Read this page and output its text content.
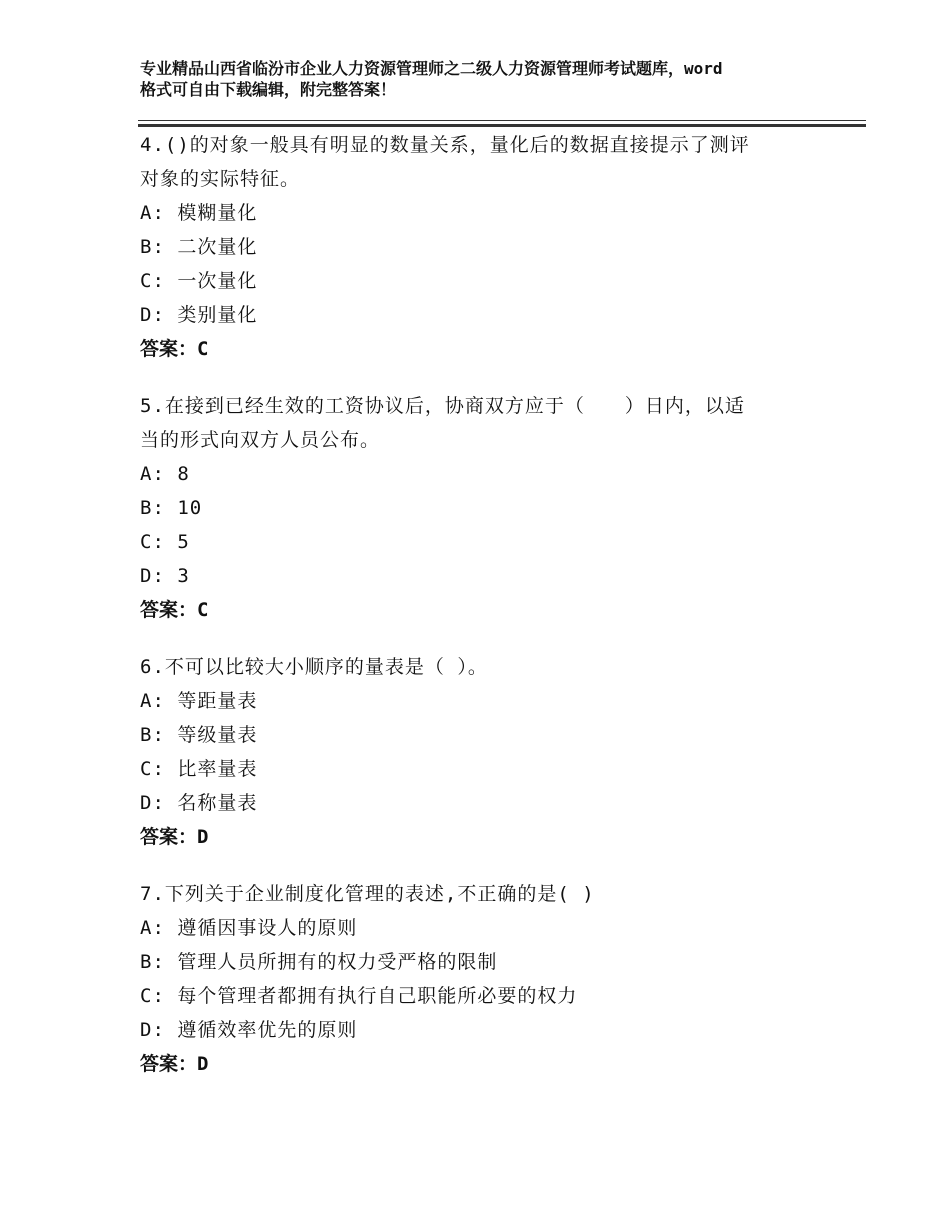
专业精品山西省临汾市企业人力资源管理师之二级人力资源管理师考试题库，word
格式可自由下载编辑，附完整答案！
4.()的对象一般具有明显的数量关系，量化后的数据直接提示了测评
对象的实际特征。
A: 模糊量化
B: 二次量化
C: 一次量化
D: 类别量化
答案：C
5.在接到已经生效的工资协议后，协商双方应于（　　）日内，以适
当的形式向双方人员公布。
A: 8
B: 10
C: 5
D: 3
答案：C
6.不可以比较大小顺序的量表是（ ）。
A: 等距量表
B: 等级量表
C: 比率量表
D: 名称量表
答案：D
7.下列关于企业制度化管理的表述,不正确的是( )
A: 遵循因事设人的原则
B: 管理人员所拥有的权力受严格的限制
C: 每个管理者都拥有执行自己职能所必要的权力
D: 遵循效率优先的原则
答案：D
